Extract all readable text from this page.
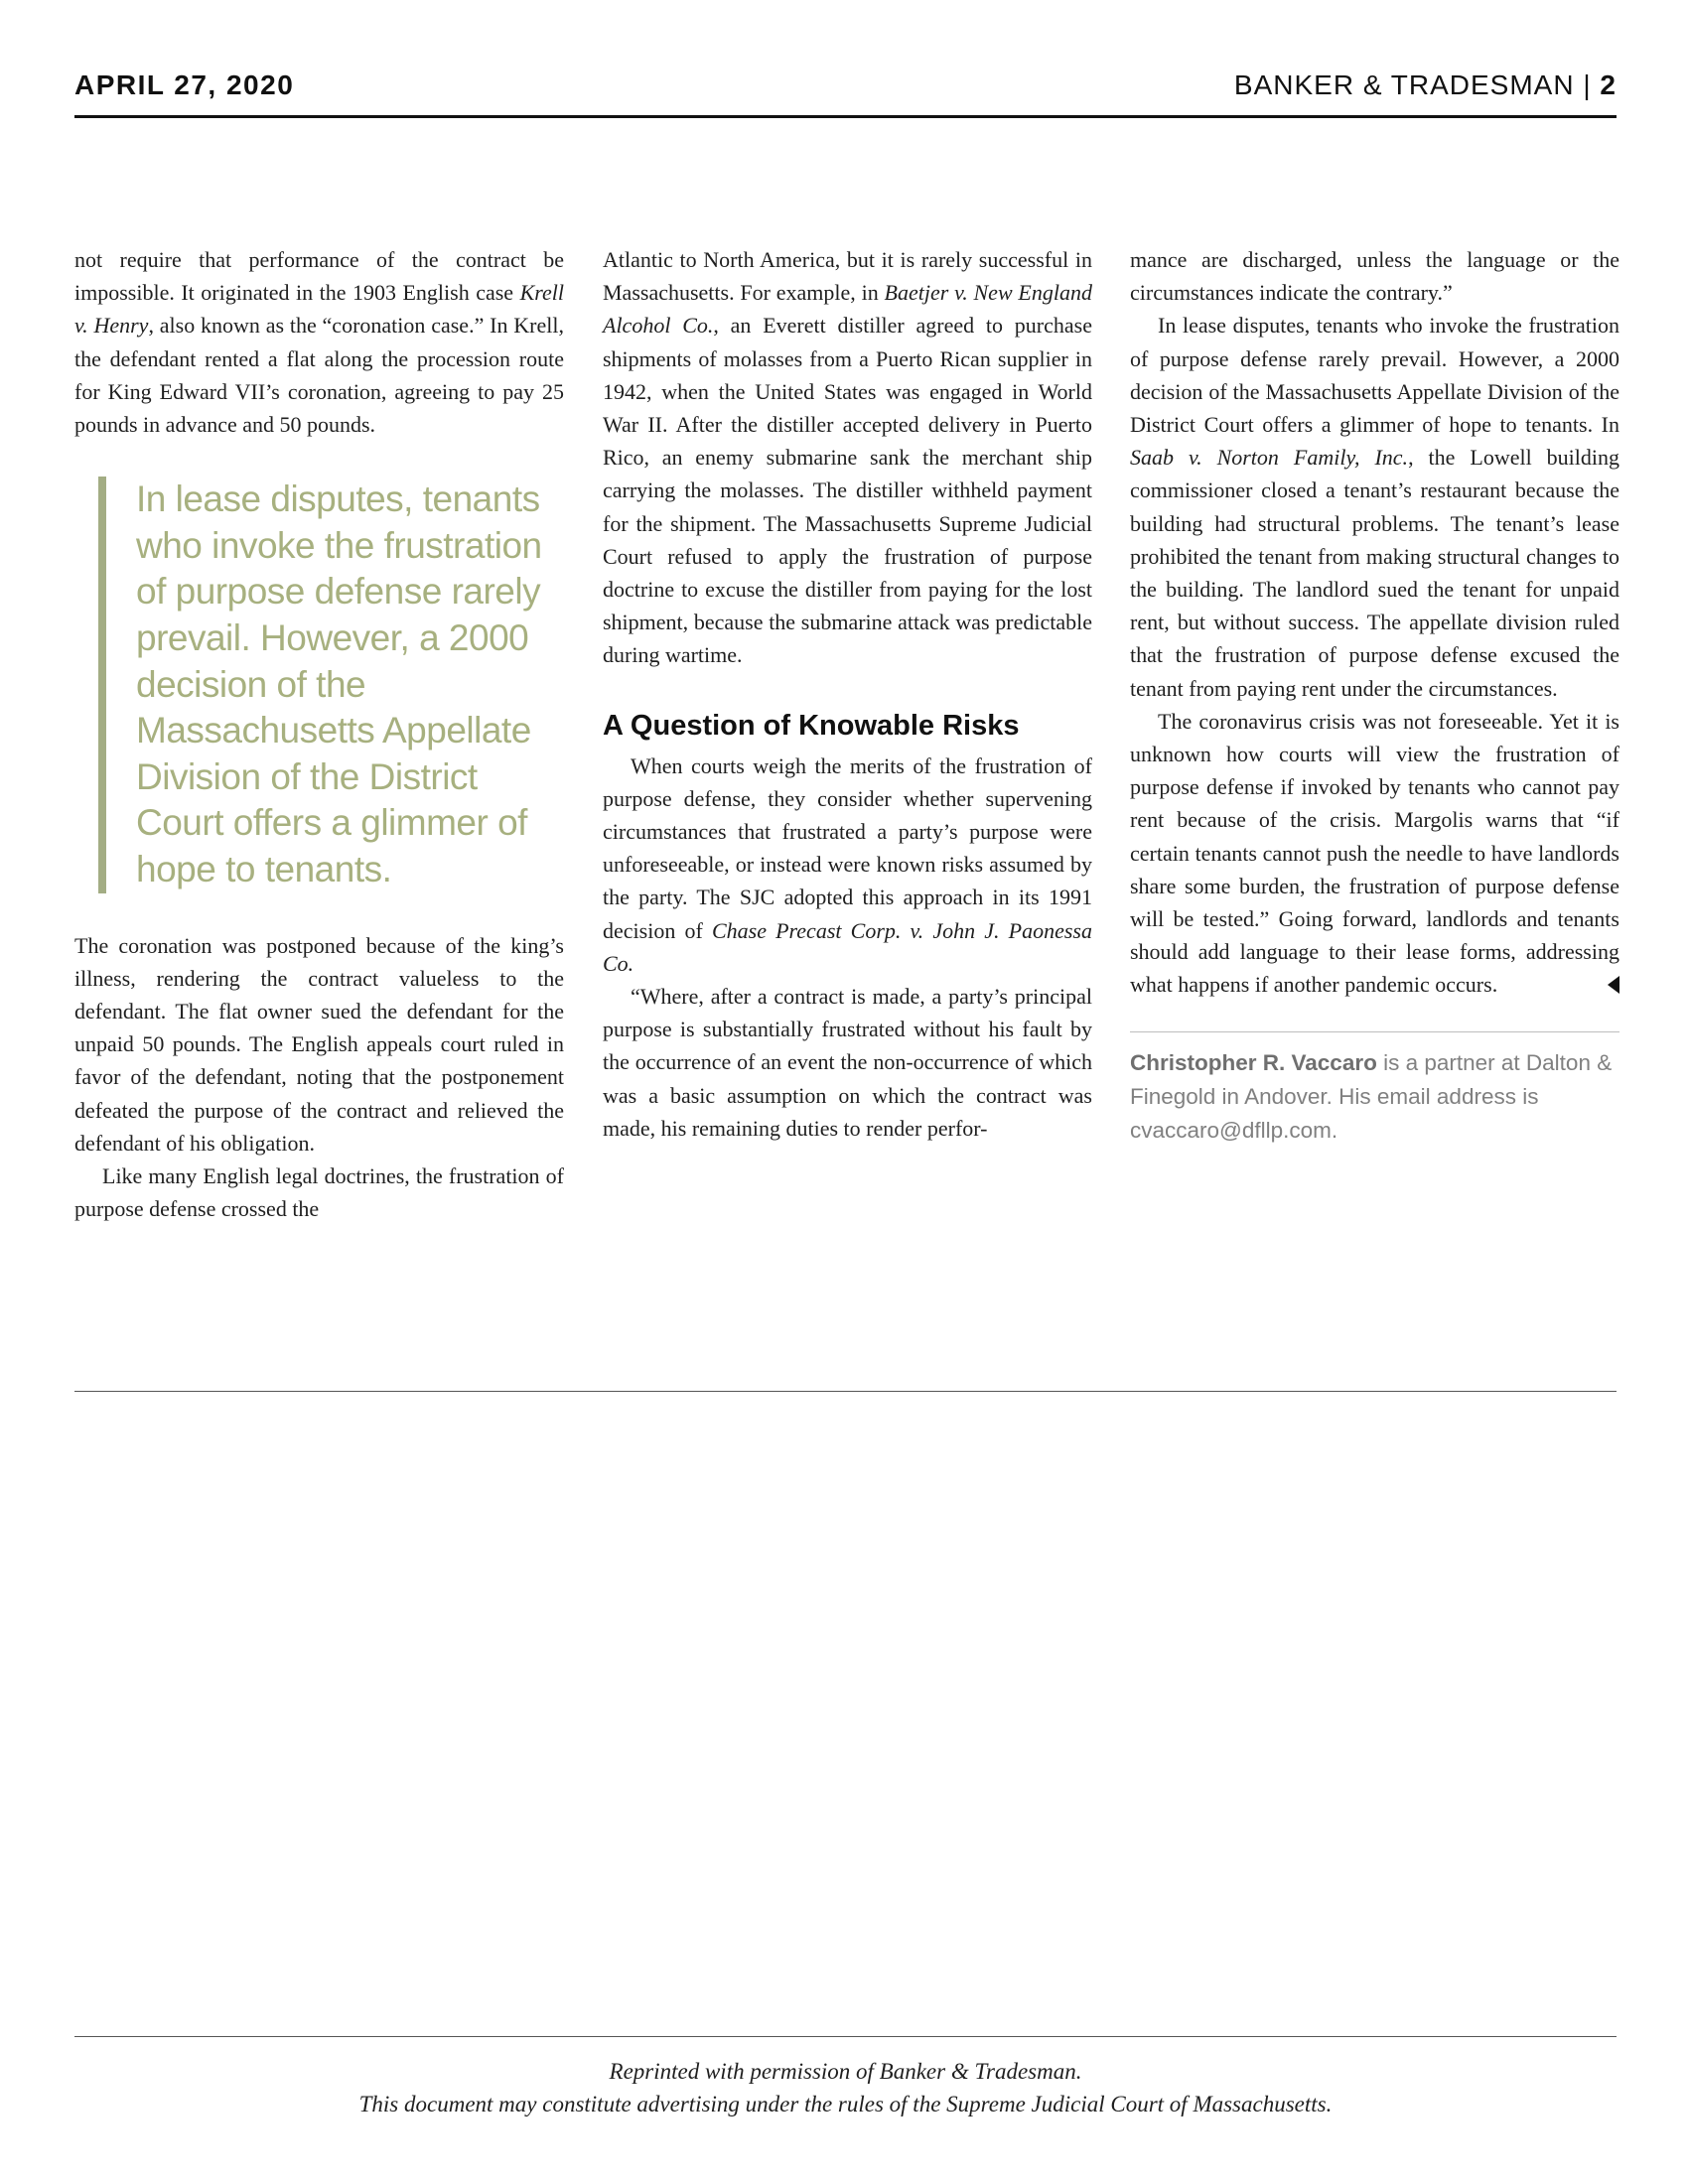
APRIL 27, 2020	BANKER & TRADESMAN | 2

not require that performance of the contract be impossible. It originated in the 1903 English case Krell v. Henry, also known as the “coronation case.” In Krell, the defendant rented a flat along the procession route for King Edward VII’s coronation, agreeing to pay 25 pounds in advance and 50 pounds.

In lease disputes, tenants who invoke the frustration of purpose defense rarely prevail. However, a 2000 decision of the Massachusetts Appellate Division of the District Court offers a glimmer of hope to tenants.

The coronation was postponed because of the king’s illness, rendering the contract valueless to the defendant. The flat owner sued the defendant for the unpaid 50 pounds. The English appeals court ruled in favor of the defendant, noting that the postponement defeated the purpose of the contract and relieved the defendant of his obligation.

Like many English legal doctrines, the frustration of purpose defense crossed the

Atlantic to North America, but it is rarely successful in Massachusetts. For example, in Baetjer v. New England Alcohol Co., an Everett distiller agreed to purchase shipments of molasses from a Puerto Rican supplier in 1942, when the United States was engaged in World War II. After the distiller accepted delivery in Puerto Rico, an enemy submarine sank the merchant ship carrying the molasses. The distiller withheld payment for the shipment. The Massachusetts Supreme Judicial Court refused to apply the frustration of purpose doctrine to excuse the distiller from paying for the lost shipment, because the submarine attack was predictable during wartime.

A Question of Knowable Risks

When courts weigh the merits of the frustration of purpose defense, they consider whether supervening circumstances that frustrated a party’s purpose were unforeseeable, or instead were known risks assumed by the party. The SJC adopted this approach in its 1991 decision of Chase Precast Corp. v. John J. Paonessa Co.

“Where, after a contract is made, a party’s principal purpose is substantially frustrated without his fault by the occurrence of an event the non-occurrence of which was a basic assumption on which the contract was made, his remaining duties to render perfor-

mance are discharged, unless the language or the circumstances indicate the contrary.”

In lease disputes, tenants who invoke the frustration of purpose defense rarely prevail. However, a 2000 decision of the Massachusetts Appellate Division of the District Court offers a glimmer of hope to tenants. In Saab v. Norton Family, Inc., the Lowell building commissioner closed a tenant’s restaurant because the building had structural problems. The tenant’s lease prohibited the tenant from making structural changes to the building. The landlord sued the tenant for unpaid rent, but without success. The appellate division ruled that the frustration of purpose defense excused the tenant from paying rent under the circumstances.

The coronavirus crisis was not foreseeable. Yet it is unknown how courts will view the frustration of purpose defense if invoked by tenants who cannot pay rent because of the crisis. Margolis warns that “if certain tenants cannot push the needle to have landlords share some burden, the frustration of purpose defense will be tested.” Going forward, landlords and tenants should add language to their lease forms, addressing what happens if another pandemic occurs.

Christopher R. Vaccaro is a partner at Dalton & Finegold in Andover. His email address is cvaccaro@dfllp.com.
Reprinted with permission of Banker & Tradesman.
This document may constitute advertising under the rules of the Supreme Judicial Court of Massachusetts.
